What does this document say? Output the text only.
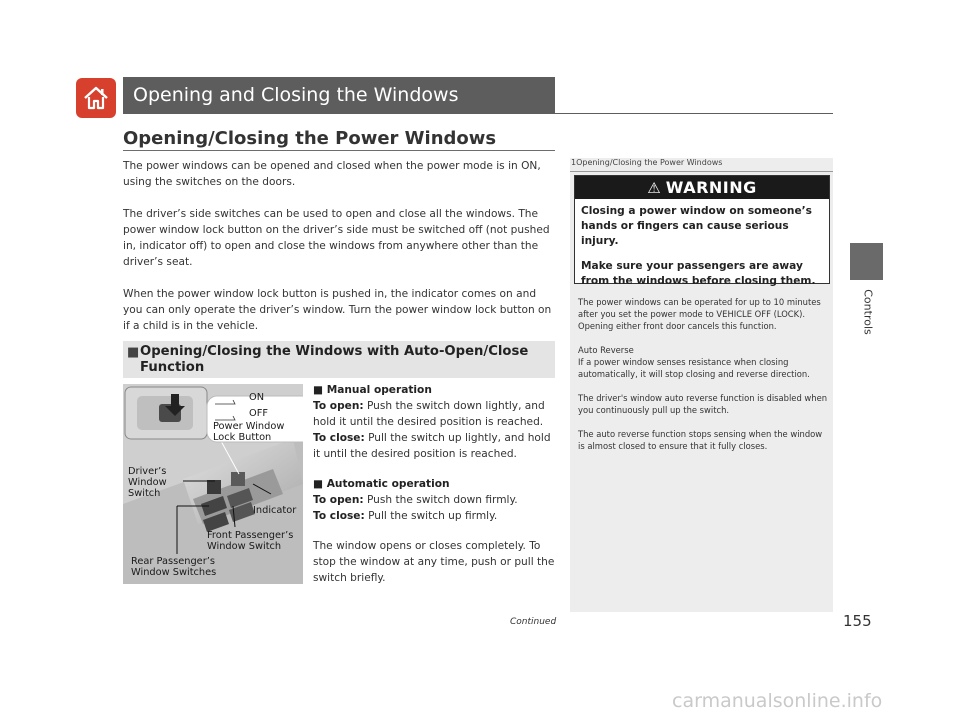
Opening and Closing the Windows
Controls
Opening/Closing the Power Windows

The power windows can be opened and closed when the power mode is in ON, using the switches on the doors.

The driver’s side switches can be used to open and close all the windows. The power window lock button on the driver’s side must be switched off (not pushed in, indicator off) to open and close the windows from anywhere other than the driver’s seat.

When the power window lock button is pushed in, the indicator comes on and you can only operate the driver’s window. Turn the power window lock button on if a child is in the vehicle.

■ Opening/Closing the Windows with Auto-Open/Close Function
ON
OFF
Power Window
Lock Button
Driver’s
Window
Switch
Indicator
Front Passenger’s
Window Switch
Rear Passenger’s
Window Switches

■ Manual operation

To open: Push the switch down lightly, and hold it until the desired position is reached.

To close: Pull the switch up lightly, and hold it until the desired position is reached.

■ Automatic operation

To open: Push the switch down firmly.

To close: Pull the switch up firmly.

The window opens or closes completely. To stop the window at any time, push or pull the switch briefly.

1Opening/Closing the Power Windows
⚠ WARNING

Closing a power window on someone’s hands or fingers can cause serious injury.

Make sure your passengers are away from the windows before closing them.

The power windows can be operated for up to 10 minutes after you set the power mode to VEHICLE OFF (LOCK).
Opening either front door cancels this function.

Auto Reverse
If a power window senses resistance when closing automatically, it will stop closing and reverse direction.

The driver's window auto reverse function is disabled when you continuously pull up the switch.

The auto reverse function stops sensing when the window is almost closed to ensure that it fully closes.

Continued	155
carmanualsonline.info
